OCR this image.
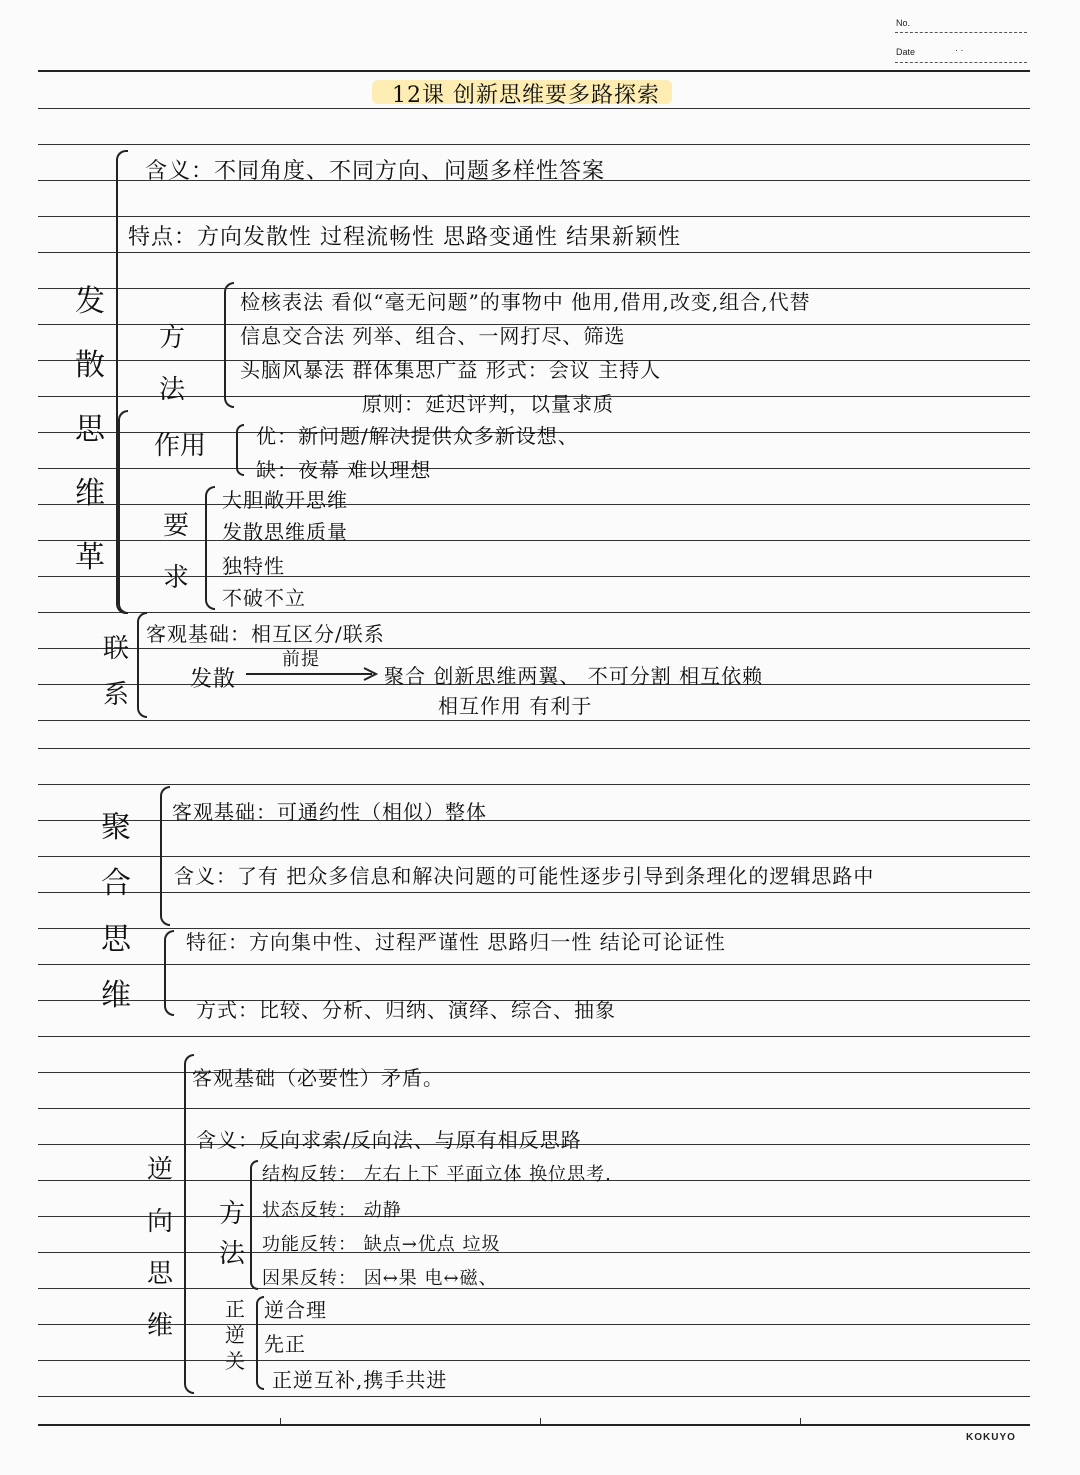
No.
Date	· ·
KOKUYO
12课 创新思维要多路探索
发
散
思
维
⾰
含义：不同角度、不同方向、问题多样性答案
特点：方向发散性 过程流畅性 思路变通性 结果新颖性
方
法
检核表法 看似“毫无问题”的事物中 他用,借用,改变,组合,代替
信息交合法 列举、组合、一网打尽、筛选
头脑风暴法 群体集思广益 形式：会议 主持人
原则：延迟评判，以量求质
作用 优：新问题/解决提供众多新设想、
缺：夜幕 难以理想
要
求
大胆敞开思维
发散思维质量
独特性
不破不立
联
系
客观基础：相互区分/联系
发散
前提
聚合 创新思维两翼、 不可分割 相互依赖
相互作用 有利于
聚
合
思
维
客观基础：可通约性（相似）整体
含义：了有 把众多信息和解决问题的可能性逐步引导到条理化的逻辑思路中
特征：方向集中性、过程严谨性 思路归一性 结论可论证性
方式：比较、分析、归纳、演绎、综合、抽象
逆
向
思
维
客观基础（必要性）矛盾。
含义：反向求索/反向法、与原有相反思路
方
法
结构反转： 左右上下 平面立体 换位思考.
状态反转： 动静
功能反转： 缺点→优点 垃圾
因果反转： 因↔果 电↔磁、
正
逆
关
逆合理
先正
正逆互补,携手共进
